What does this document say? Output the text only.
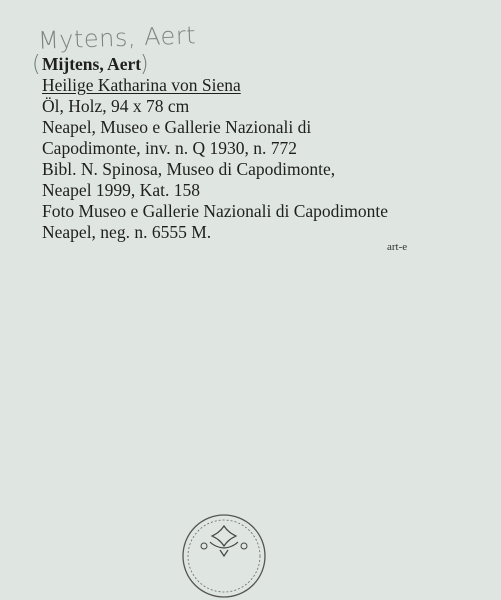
Mytens, Aert
(	)
Mijtens, Aert
Heilige Katharina von Siena
Öl, Holz, 94 x 78 cm
Neapel, Museo e Gallerie Nazionali di
Capodimonte, inv. n. Q 1930, n. 772
Bibl. N. Spinosa, Museo di Capodimonte,
Neapel 1999, Kat. 158
Foto Museo e Gallerie Nazionali di Capodimonte
Neapel, neg. n. 6555 M.
art-e
